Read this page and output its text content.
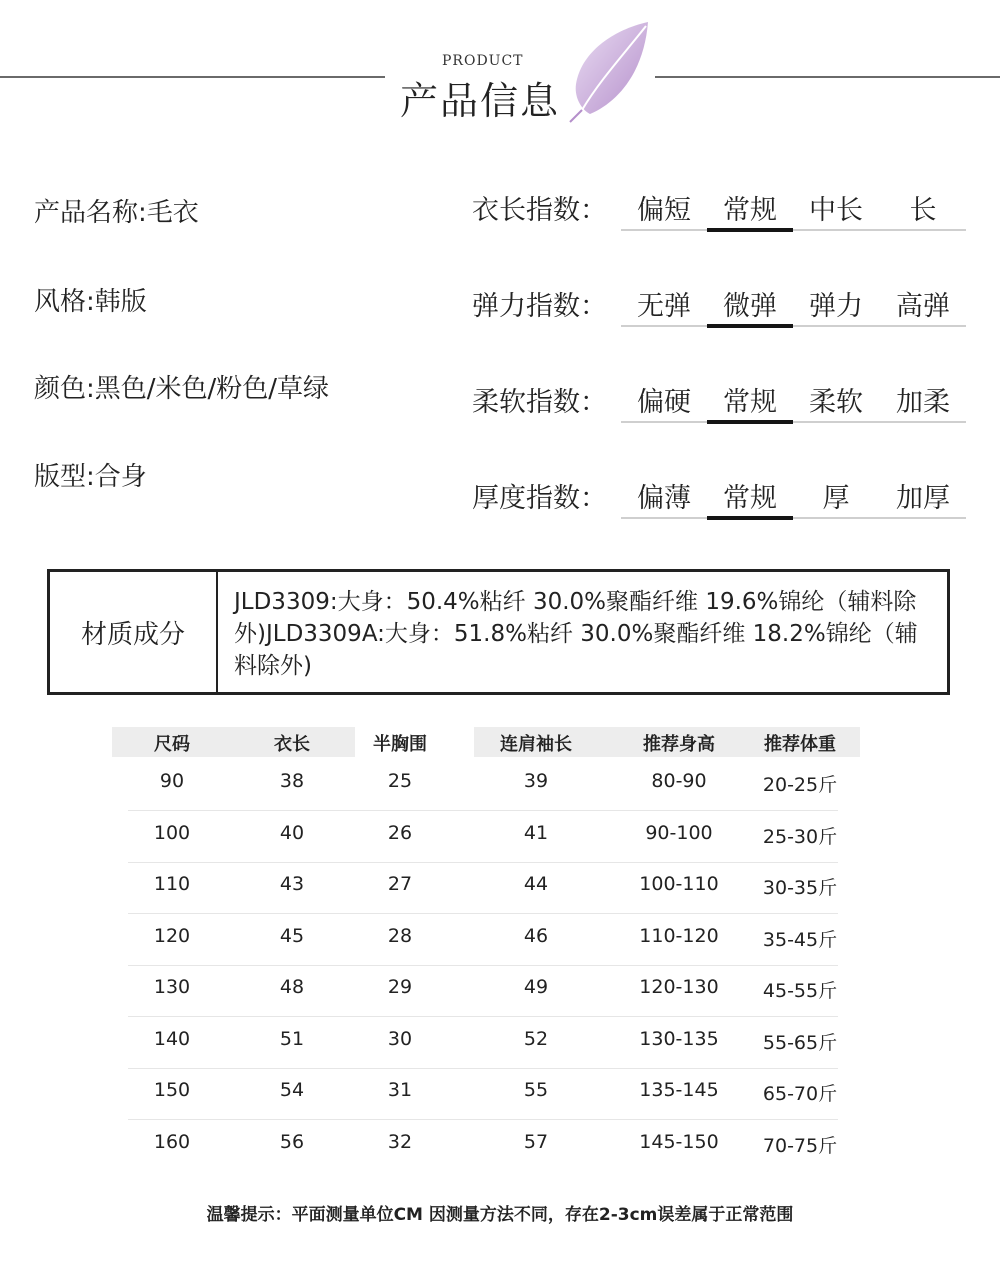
PRODUCT
产品信息
产品名称:毛衣
风格:韩版
颜色:黑色/米色/粉色/草绿
版型:合身
衣长指数：	偏短	常规	中长	长
弹力指数：	无弹	微弹	弹力	高弹
柔软指数：	偏硬	常规	柔软	加柔
厚度指数：	偏薄	常规	厚	加厚
材质成分
JLD3309:大身：50.4%粘纤 30.0%聚酯纤维 19.6%锦纶（辅料除外)JLD3309A:大身：51.8%粘纤 30.0%聚酯纤维 18.2%锦纶（辅料除外)
尺码	衣长	半胸围	连肩袖长	推荐身高	推荐体重
90	38	25	39	80-90	20-25斤
100	40	26	41	90-100	25-30斤
110	43	27	44	100-110	30-35斤
120	45	28	46	110-120	35-45斤
130	48	29	49	120-130	45-55斤
140	51	30	52	130-135	55-65斤
150	54	31	55	135-145	65-70斤
160	56	32	57	145-150	70-75斤
温馨提示：平面测量单位CM 因测量方法不同，存在2-3cm误差属于正常范围
